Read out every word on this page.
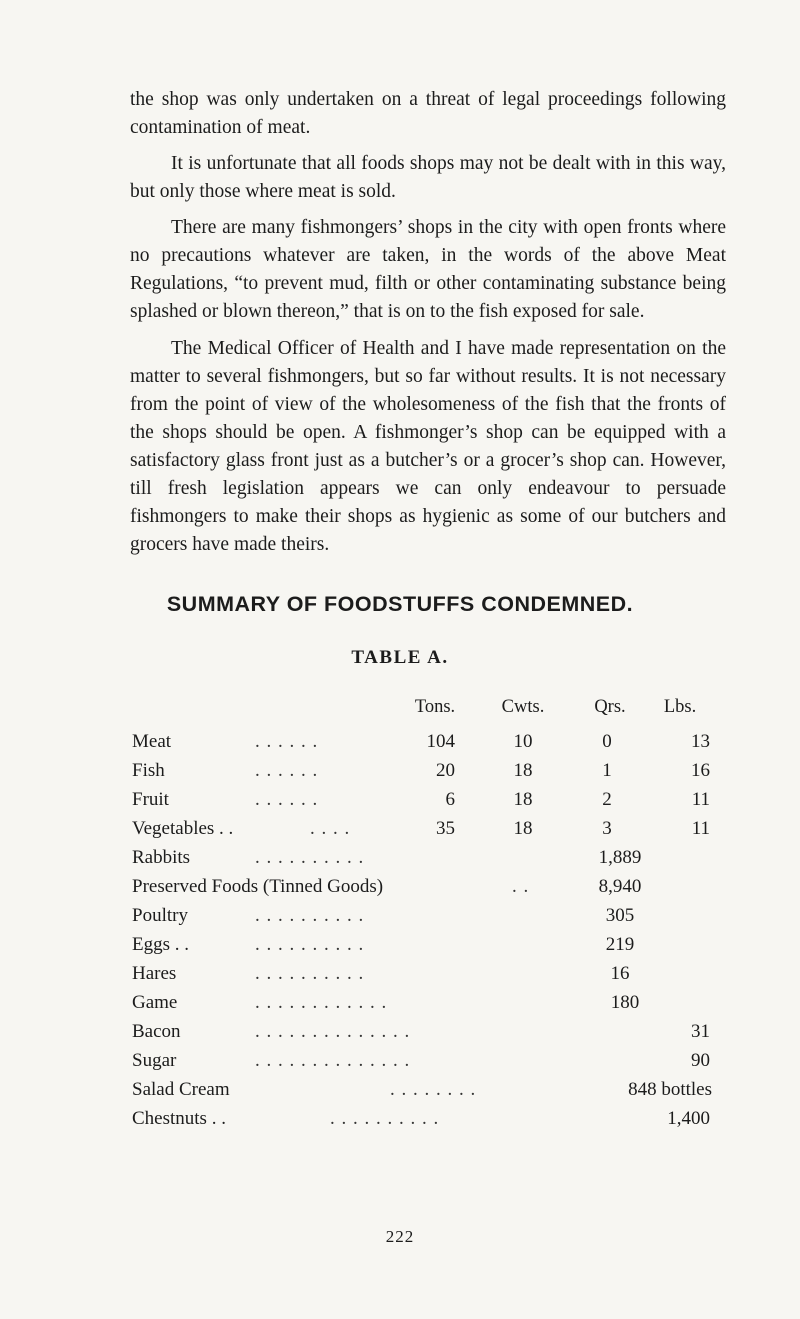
the shop was only undertaken on a threat of legal proceedings following contamination of meat.

It is unfortunate that all foods shops may not be dealt with in this way, but only those where meat is sold.

There are many fishmongers’ shops in the city with open fronts where no precautions whatever are taken, in the words of the above Meat Regulations, “to prevent mud, filth or other contaminating substance being splashed or blown thereon,” that is on to the fish exposed for sale.

The Medical Officer of Health and I have made representation on the matter to several fishmongers, but so far without results. It is not necessary from the point of view of the wholesomeness of the fish that the fronts of the shops should be open. A fishmonger’s shop can be equipped with a satisfactory glass front just as a butcher’s or a grocer’s shop can. However, till fresh legislation appears we can only endeavour to persuade fishmongers to make their shops as hygienic as some of our butchers and grocers have made theirs.

SUMMARY OF FOODSTUFFS CONDEMNED.
TABLE A.
Tons.	Cwts.	Qrs.	Lbs.
Meat	. . . . . .	104	10	0	13
Fish	. . . . . .	20	18	1	16
Fruit	. . . . . .	6	18	2	11
Vegetables . .	. . . .	35	18	3	11
Rabbits	. . . . . . . . . .	1,889
Preserved Foods (Tinned Goods)	. .	8,940
Poultry	. . . . . . . . . .	305
Eggs . .	. . . . . . . . . .	219
Hares	. . . . . . . . . .	16
Game	. . . . . . . . . . . .	180
Bacon	. . . . . . . . . . . . . .	31
Sugar	. . . . . . . . . . . . . .	90
Salad Cream	. . . . . . . .	848 bottles
Chestnuts . .	. . . . . . . . . .	1,400
222
